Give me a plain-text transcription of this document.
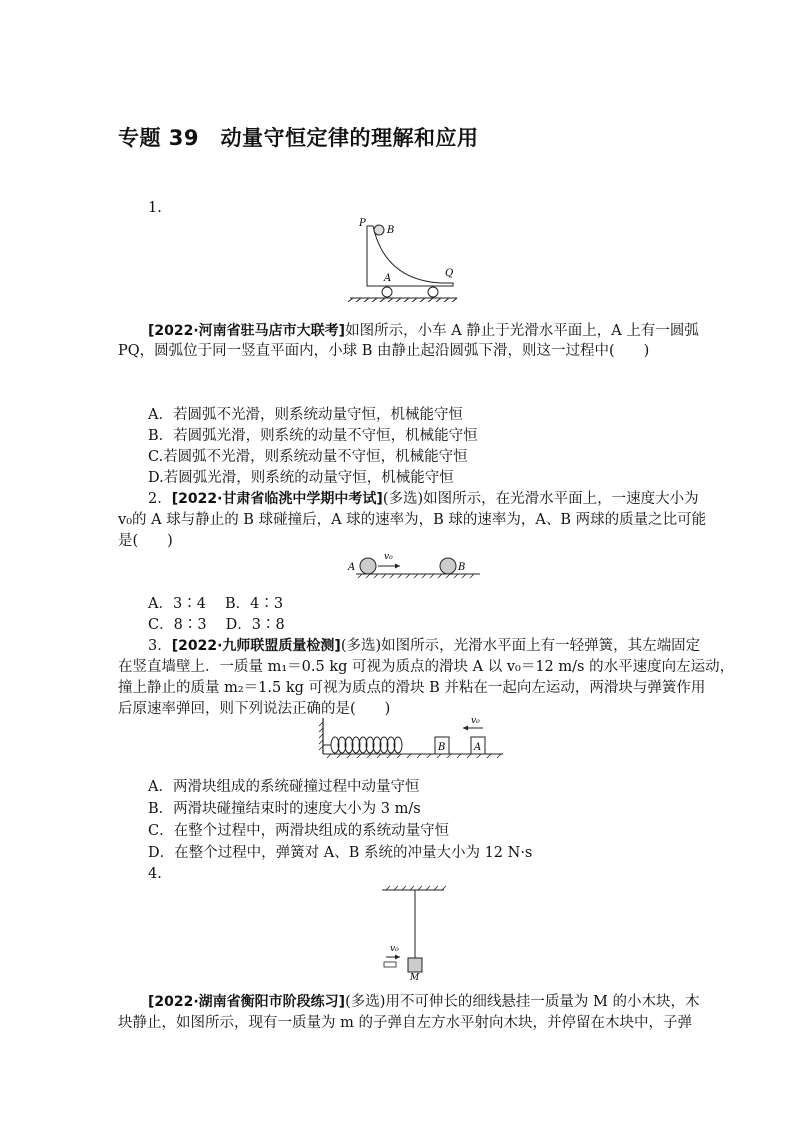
专题 39　动量守恒定律的理解和应用
1.
P
B
A	Q
[2022·河南省驻马店市大联考]如图所示，小车 A 静止于光滑水平面上，A 上有一圆弧
PQ，圆弧位于同一竖直平面内，小球 B 由静止起沿圆弧下滑，则这一过程中(　　)
A．若圆弧不光滑，则系统动量守恒，机械能守恒
B．若圆弧光滑，则系统的动量不守恒，机械能守恒
C.若圆弧不光滑，则系统动量不守恒，机械能守恒
D.若圆弧光滑，则系统的动量守恒，机械能守恒
2．[2022·甘肃省临洮中学期中考试](多选)如图所示，在光滑水平面上，一速度大小为
v₀的 A 球与静止的 B 球碰撞后，A 球的速率为，B 球的速率为，A、B 两球的质量之比可能
是(　　)
A
v₀
B
A．3∶4　 B．4∶3
C．8∶3　 D．3∶8
3．[2022·九师联盟质量检测](多选)如图所示，光滑水平面上有一轻弹簧，其左端固定
在竖直墙壁上．一质量 m₁＝0.5 kg 可视为质点的滑块 A 以 v₀＝12 m/s 的水平速度向左运动，
撞上静止的质量 m₂＝1.5 kg 可视为质点的滑块 B 并粘在一起向左运动，两滑块与弹簧作用
后原速率弹回，则下列说法正确的是(　　)
B	A
v₀
A．两滑块组成的系统碰撞过程中动量守恒
B．两滑块碰撞结束时的速度大小为 3 m/s
C．在整个过程中，两滑块组成的系统动量守恒
D．在整个过程中，弹簧对 A、B 系统的冲量大小为 12 N·s
4.
v₀
M
[2022·湖南省衡阳市阶段练习](多选)用不可伸长的细线悬挂一质量为 M 的小木块，木
块静止，如图所示，现有一质量为 m 的子弹自左方水平射向木块，并停留在木块中，子弹
